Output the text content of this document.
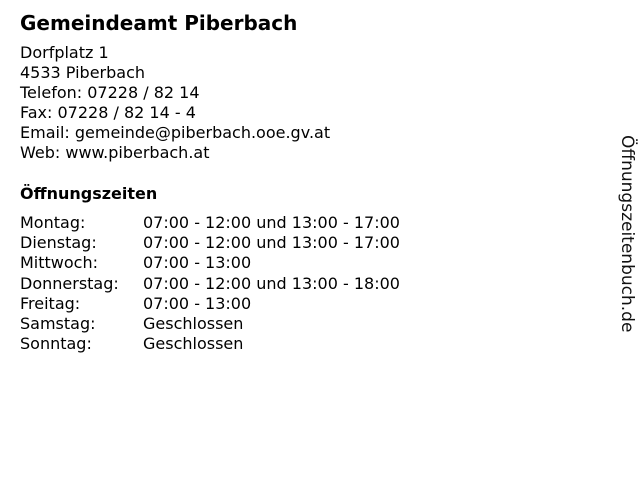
Gemeindeamt Piberbach
Dorfplatz 1
4533 Piberbach
Telefon: 07228 / 82 14
Fax: 07228 / 82 14 - 4
Email: gemeinde@piberbach.ooe.gv.at
Web: www.piberbach.at
Öffnungszeiten
Montag:	07:00 - 12:00 und 13:00 - 17:00
Dienstag:	07:00 - 12:00 und 13:00 - 17:00
Mittwoch:	07:00 - 13:00
Donnerstag:	07:00 - 12:00 und 13:00 - 18:00
Freitag:	07:00 - 13:00
Samstag:	Geschlossen
Sonntag:	Geschlossen
Öffnungszeitenbuch.de
